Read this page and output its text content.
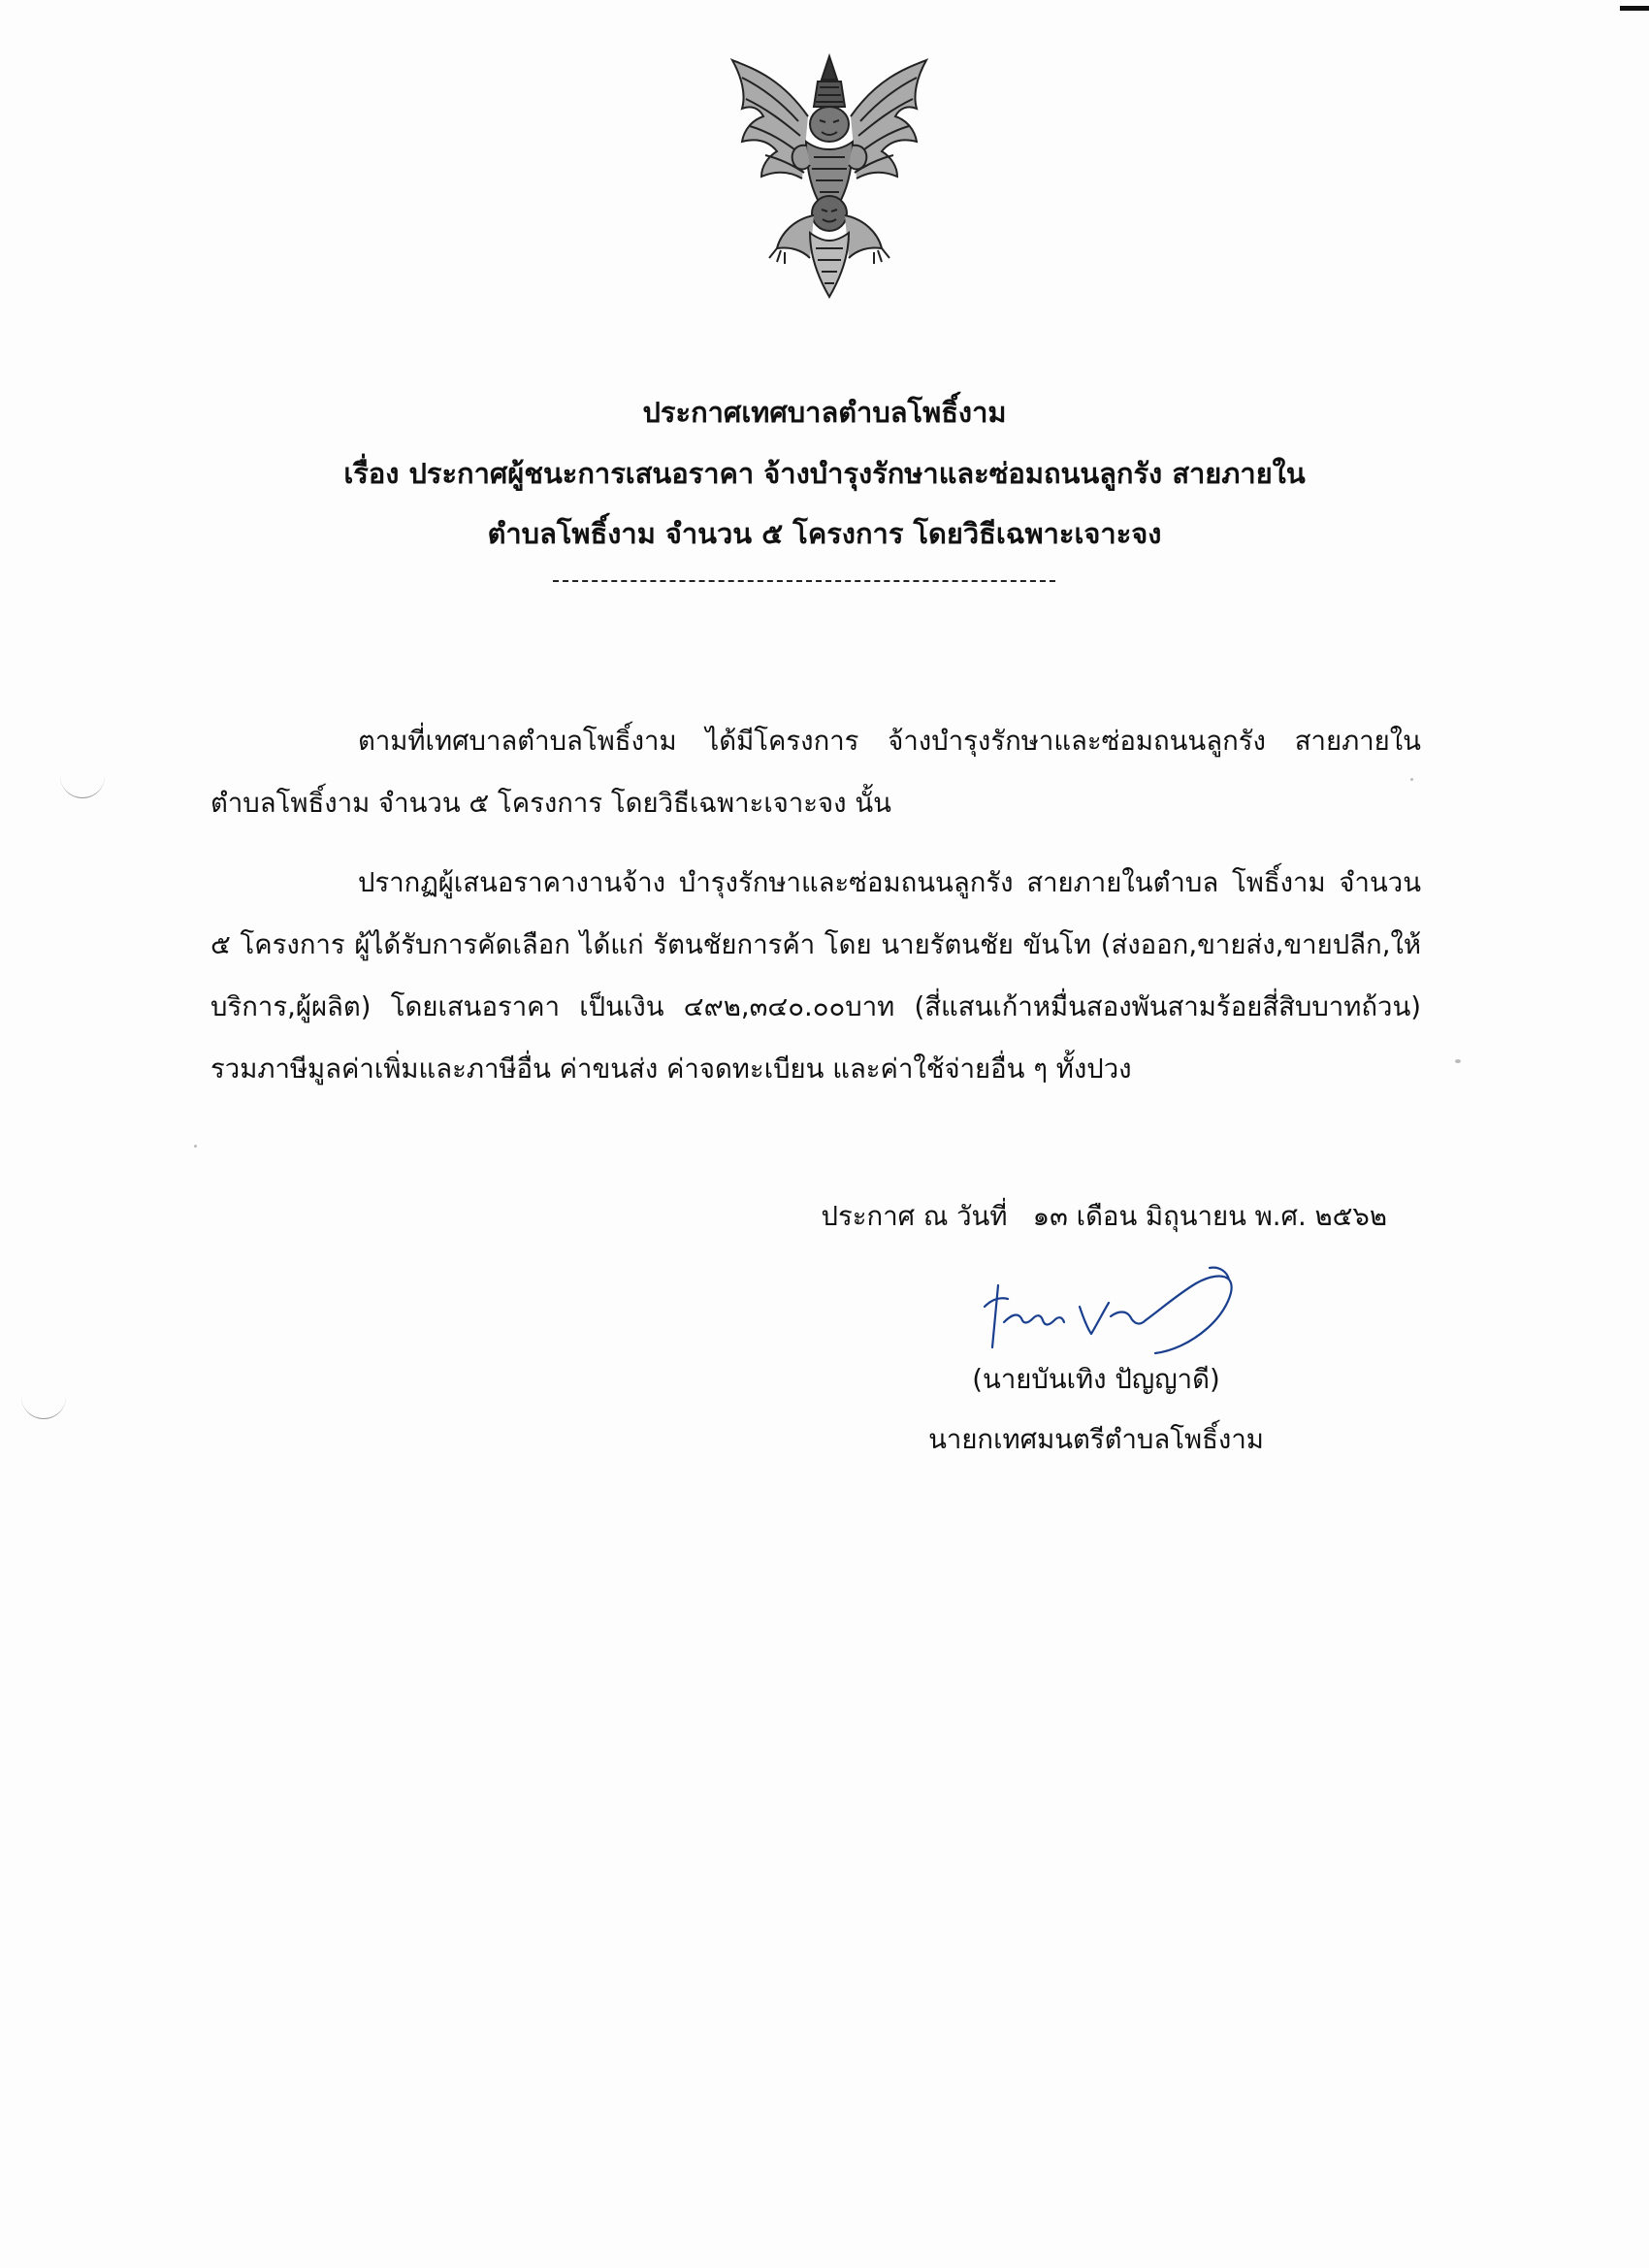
ประกาศเทศบาลตำบลโพธิ์งาม
เรื่อง ประกาศผู้ชนะการเสนอราคา จ้างบำรุงรักษาและซ่อมถนนลูกรัง สายภายใน
ตำบลโพธิ์งาม จำนวน ๕ โครงการ โดยวิธีเฉพาะเจาะจง
ตามที่เทศบาลตำบลโพธิ์งาม ได้มีโครงการ จ้างบำรุงรักษาและซ่อมถนนลูกรัง สายภายในตำบลโพธิ์งาม จำนวน ๕ โครงการ โดยวิธีเฉพาะเจาะจง นั้น
ปรากฏผู้เสนอราคางานจ้าง บำรุงรักษาและซ่อมถนนลูกรัง สายภายในตำบล โพธิ์งาม จำนวน ๕ โครงการ ผู้ได้รับการคัดเลือก ได้แก่ รัตนชัยการค้า โดย นายรัตนชัย ขันโท (ส่งออก,ขายส่ง,ขายปลีก,ให้บริการ,ผู้ผลิต) โดยเสนอราคา เป็นเงิน ๔๙๒,๓๔๐.๐๐บาท (สี่แสนเก้าหมื่นสองพันสามร้อยสี่สิบบาทถ้วน) รวมภาษีมูลค่าเพิ่มและภาษีอื่น ค่าขนส่ง ค่าจดทะเบียน และค่าใช้จ่ายอื่น ๆ ทั้งปวง
ประกาศ ณ วันที่   ๑๓ เดือน มิถุนายน พ.ศ. ๒๕๖๒
(นายบันเทิง ปัญญาดี)
นายกเทศมนตรีตำบลโพธิ์งาม
